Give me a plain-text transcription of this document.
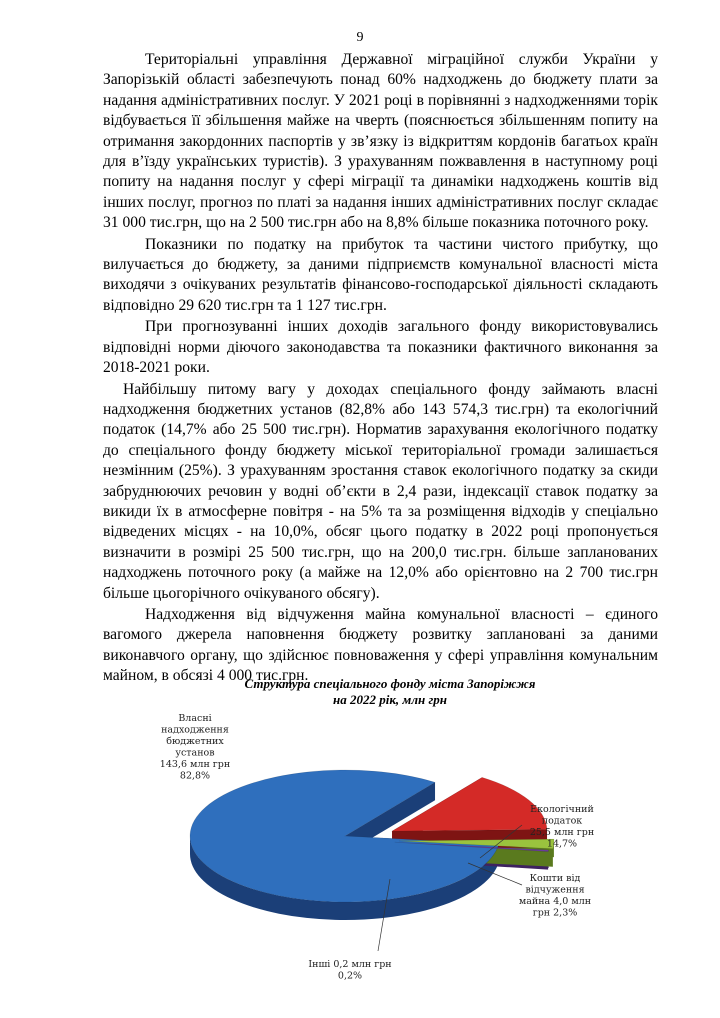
9

Територіальні управління Державної міграційної служби України у Запорізькій області забезпечують понад 60% надходжень до бюджету плати за надання адміністративних послуг. У 2021 році в порівнянні з надходженнями торік відбувається її збільшення майже на чверть (пояснюється збільшенням попиту на отримання закордонних паспортів у зв’язку із відкриттям кордонів багатьох країн для в’їзду українських туристів). З урахуванням пожвавлення в наступному році попиту на надання послуг у сфері міграції та динаміки надходжень коштів від інших послуг, прогноз по платі за надання інших адміністративних послуг складає 31 000 тис.грн, що на 2 500 тис.грн або на 8,8% більше показника поточного року.

Показники по податку на прибуток та частини чистого прибутку, що вилучається до бюджету, за даними підприємств комунальної власності міста виходячи з очікуваних результатів фінансово-господарської діяльності складають відповідно 29 620 тис.грн та 1 127 тис.грн.

При прогнозуванні інших доходів загального фонду використовувались відповідні норми діючого законодавства та показники фактичного виконання за 2018-2021 роки.

Найбільшу питому вагу у доходах спеціального фонду займають власні надходження бюджетних установ (82,8% або 143 574,3 тис.грн) та екологічний податок (14,7% або 25 500 тис.грн). Норматив зарахування екологічного податку до спеціального фонду бюджету міської територіальної громади залишається незмінним (25%). З урахуванням зростання ставок екологічного податку за скиди забруднюючих речовин у водні об’єкти в 2,4 рази, індексації ставок податку за викиди їх в атмосферне повітря - на 5% та за розміщення відходів у спеціально відведених місцях - на 10,0%, обсяг цього податку в 2022 році пропонується визначити в розмірі 25 500 тис.грн, що на 200,0 тис.грн. більше запланованих надходжень поточного року (а майже на 12,0% або орієнтовно на 2 700 тис.грн більше цьогорічного очікуваного обсягу).

Надходження від відчуження майна комунальної власності – єдиного вагомого джерела наповнення бюджету розвитку заплановані за даними виконавчого органу, що здійснює повноваження у сфері управління комунальним майном, в обсязі 4 000 тис.грн.

Структура спеціального фонду міста Запоріжжя
на 2022 рік, млн грн
Власні надходження бюджетних установ 143,6 млн грн 82,8%
Екологічний податок 25,5 млн грн 14,7%
Кошти від відчуження майна 4,0 млн грн 2,3%
Інші 0,2 млн грн 0,2%
